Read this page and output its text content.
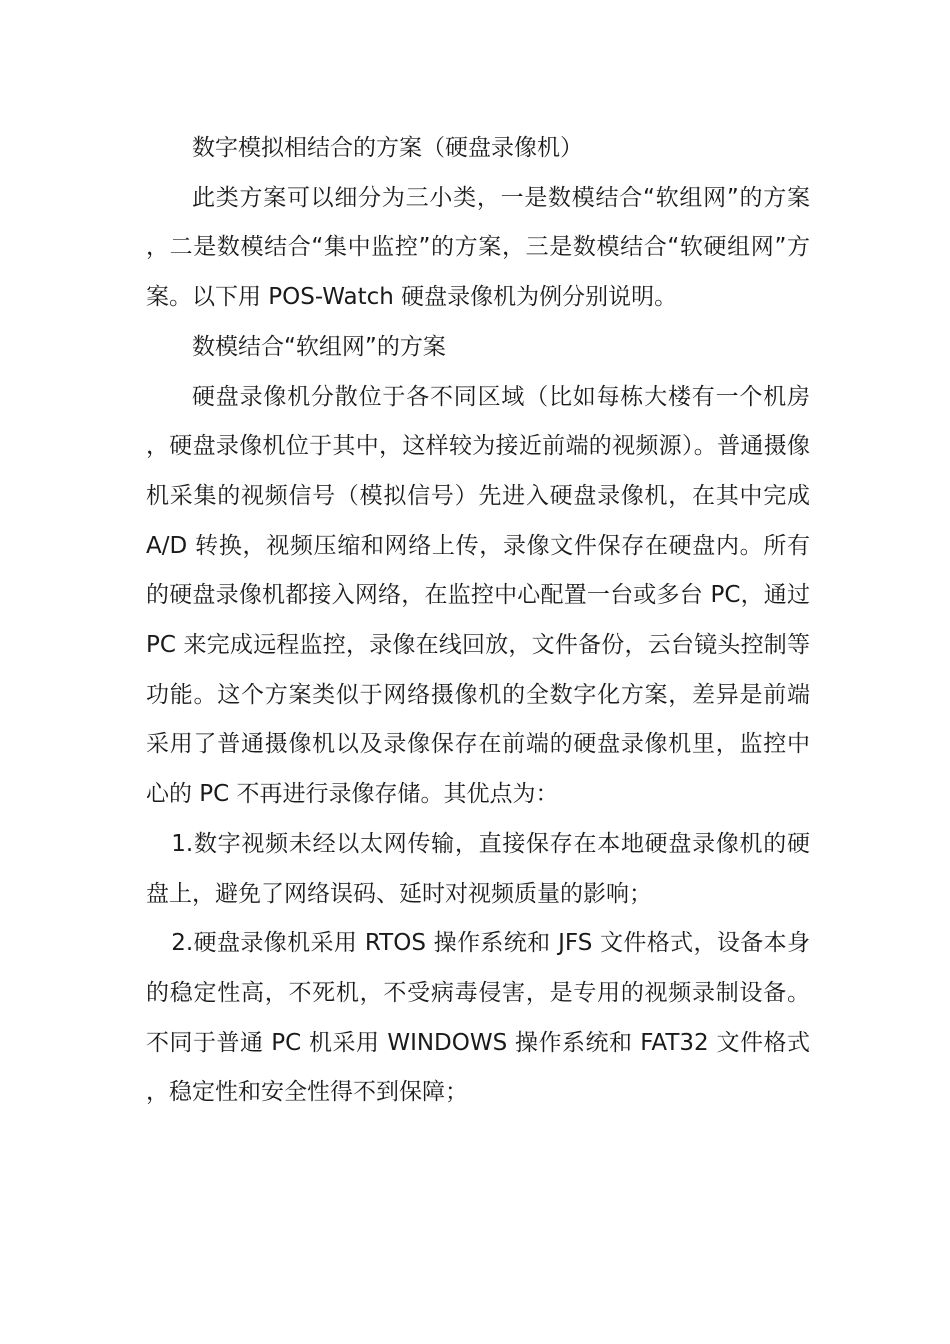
数字模拟相结合的方案（硬盘录像机）

此类方案可以细分为三小类，一是数模结合“软组网”的方案，二是数模结合“集中监控”的方案，三是数模结合“软硬组网”方案。以下用 POS-Watch 硬盘录像机为例分别说明。

数模结合“软组网”的方案

硬盘录像机分散位于各不同区域（比如每栋大楼有一个机房，硬盘录像机位于其中，这样较为接近前端的视频源）。普通摄像机采集的视频信号（模拟信号）先进入硬盘录像机，在其中完成 A/D 转换，视频压缩和网络上传，录像文件保存在硬盘内。所有的硬盘录像机都接入网络，在监控中心配置一台或多台 PC，通过 PC 来完成远程监控，录像在线回放，文件备份，云台镜头控制等功能。这个方案类似于网络摄像机的全数字化方案，差异是前端采用了普通摄像机以及录像保存在前端的硬盘录像机里，监控中心的 PC 不再进行录像存储。其优点为：

1.数字视频未经以太网传输，直接保存在本地硬盘录像机的硬盘上，避免了网络误码、延时对视频质量的影响；

2.硬盘录像机采用 RTOS 操作系统和 JFS 文件格式，设备本身的稳定性高，不死机，不受病毒侵害，是专用的视频录制设备。不同于普通 PC 机采用 WINDOWS 操作系统和 FAT32 文件格式，稳定性和安全性得不到保障；
